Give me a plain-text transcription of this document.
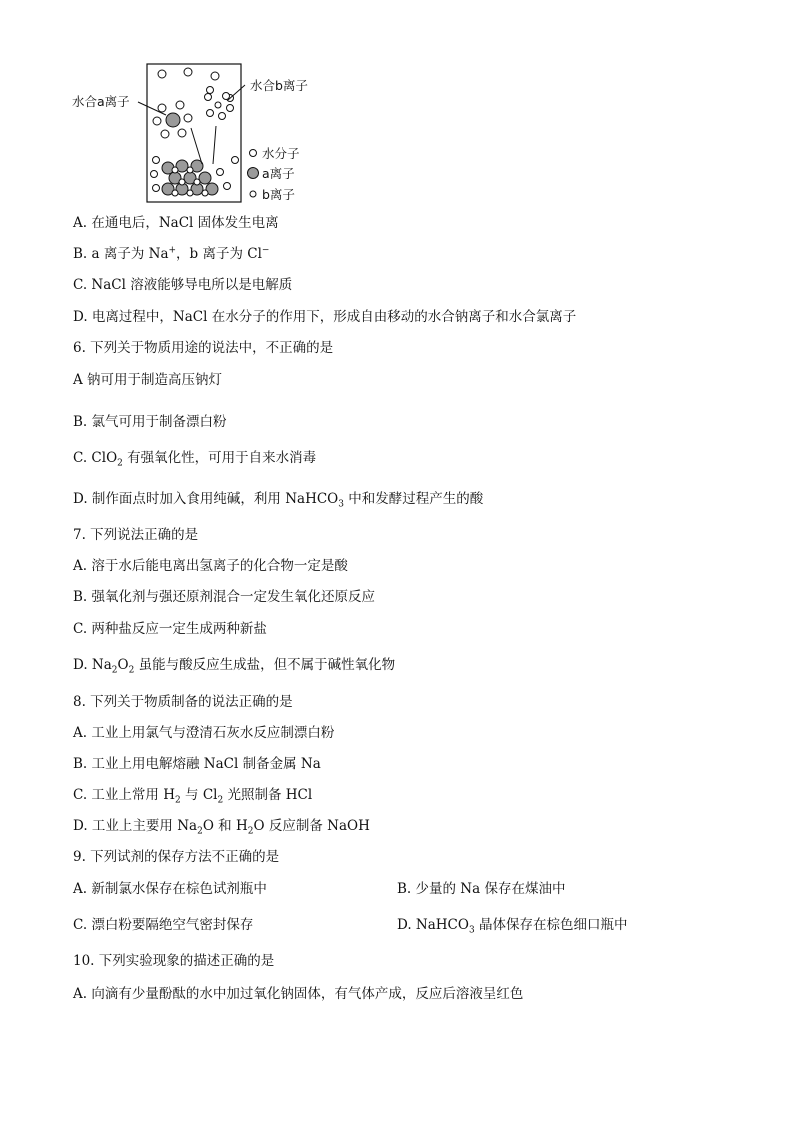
水合a离子
水合b离子
水分子
a离子
b离子
A. 在通电后，NaCl 固体发生电离
B. a 离子为 Na+，b 离子为 Cl−
C. NaCl 溶液能够导电所以是电解质
D. 电离过程中，NaCl 在水分子的作用下，形成自由移动的水合钠离子和水合氯离子
6. 下列关于物质用途的说法中，不正确的是
A 钠可用于制造高压钠灯
B. 氯气可用于制备漂白粉
C. ClO$_2$ 有强氧化性，可用于自来水消毒
D. 制作面点时加入食用纯碱，利用 NaHCO$_3$ 中和发酵过程产生的酸
7. 下列说法正确的是
A. 溶于水后能电离出氢离子的化合物一定是酸
B. 强氧化剂与强还原剂混合一定发生氧化还原反应
C. 两种盐反应一定生成两种新盐
D. $Na_2O_2$ 虽能与酸反应生成盐，但不属于碱性氧化物
8. 下列关于物质制备的说法正确的是
A. 工业上用氯气与澄清石灰水反应制漂白粉
B. 工业上用电解熔融 NaCl 制备金属 Na
C. 工业上常用 $H_2$ 与 $Cl_2$ 光照制备 HCl
D. 工业上主要用 $Na_2O$ 和 $H_2O$ 反应制备 NaOH
9. 下列试剂的保存方法不正确的是
A. 新制氯水保存在棕色试剂瓶中	B. 少量的 Na 保存在煤油中
C. 漂白粉要隔绝空气密封保存	D. NaHCO$_3$ 晶体保存在棕色细口瓶中
10. 下列实验现象的描述正确的是
A. 向滴有少量酚酞的水中加过氧化钠固体，有气体产成，反应后溶液呈红色
